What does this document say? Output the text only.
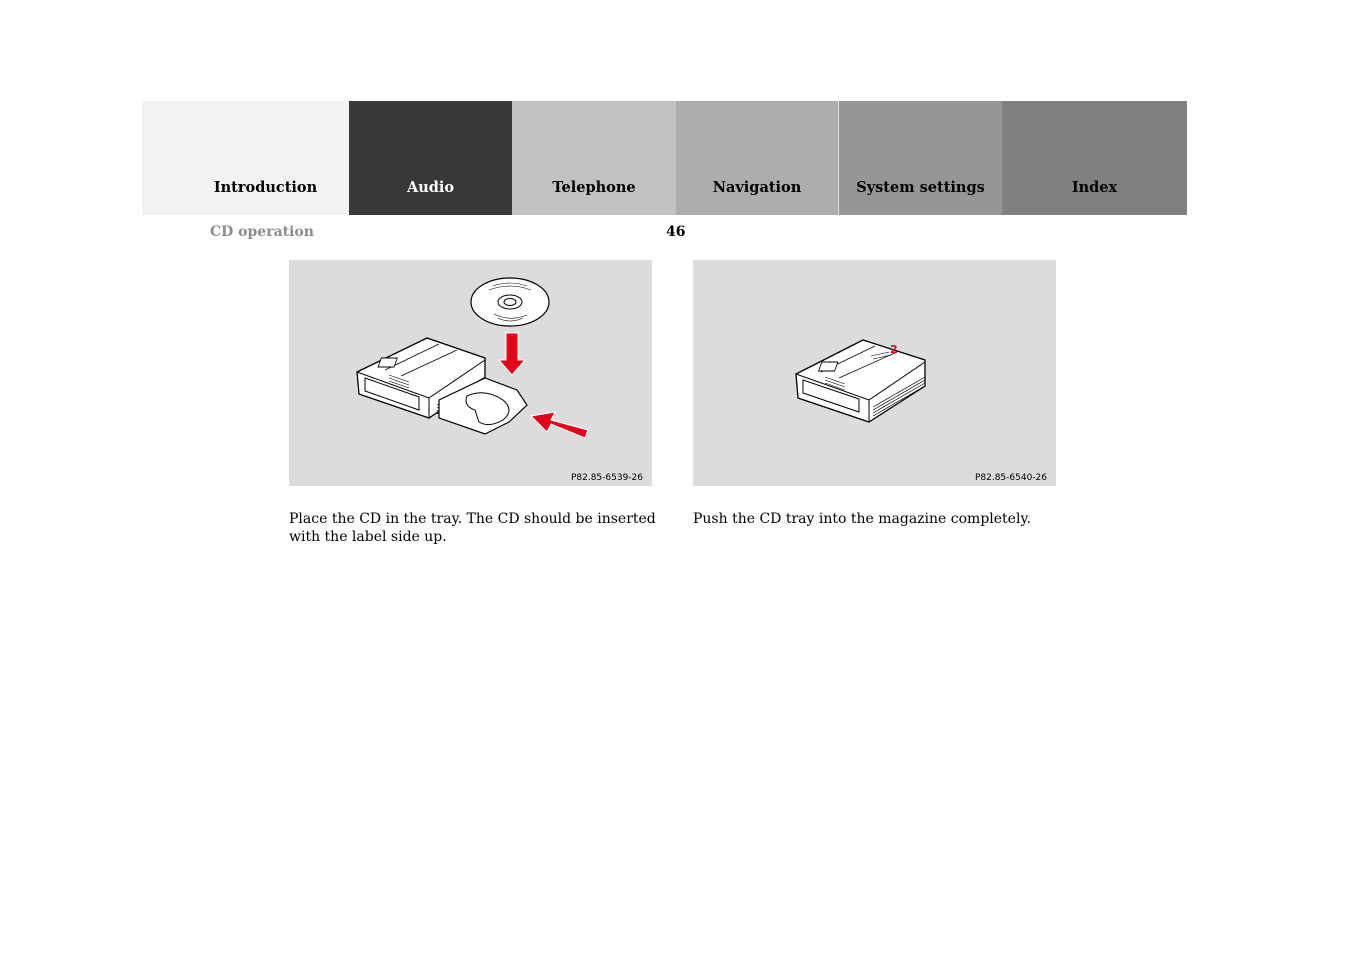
Introduction	Audio	Telephone	Navigation	System settings	Index
CD operation	46
P82.85-6539-26
2
P82.85-6540-26
Place the CD in the tray. The CD should be inserted with the label side up.
Push the CD tray into the magazine completely.
